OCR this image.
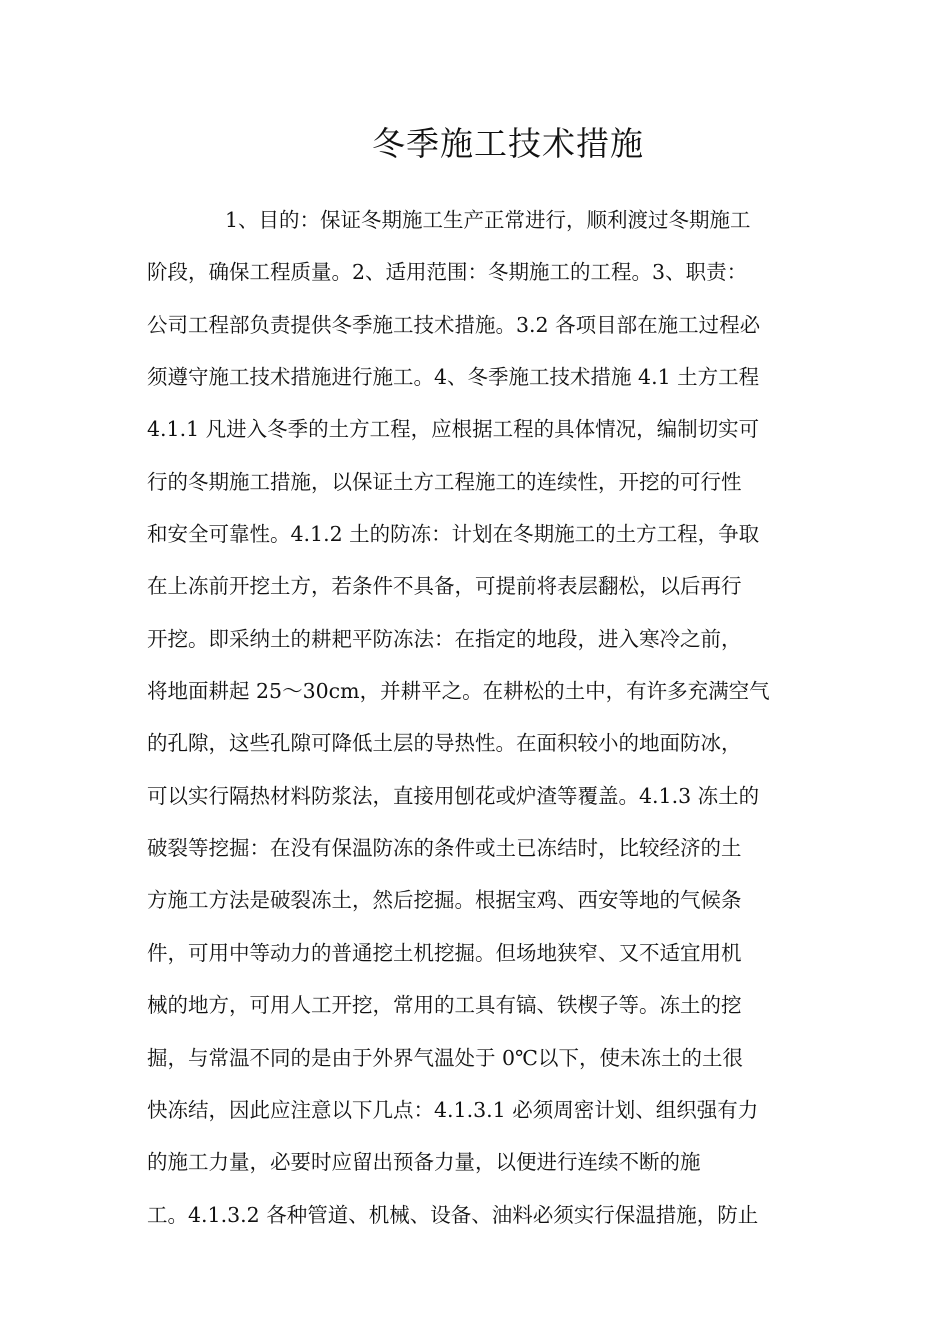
冬季施工技术措施

1、目的：保证冬期施工生产正常进行，顺利渡过冬期施工

阶段，确保工程质量。2、适用范围：冬期施工的工程。3、职责：

公司工程部负责提供冬季施工技术措施。3.2 各项目部在施工过程必

须遵守施工技术措施进行施工。4、冬季施工技术措施 4.1 土方工程

4.1.1 凡进入冬季的土方工程，应根据工程的具体情况，编制切实可

行的冬期施工措施，以保证土方工程施工的连续性，开挖的可行性

和安全可靠性。4.1.2 土的防冻：计划在冬期施工的土方工程，争取

在上冻前开挖土方，若条件不具备，可提前将表层翻松，以后再行

开挖。即采纳土的耕耙平防冻法：在指定的地段，进入寒冷之前，

将地面耕起 25～30cm，并耕平之。在耕松的土中，有许多充满空气

的孔隙，这些孔隙可降低土层的导热性。在面积较小的地面防冰，

可以实行隔热材料防浆法，直接用刨花或炉渣等覆盖。4.1.3 冻土的

破裂等挖掘：在没有保温防冻的条件或土已冻结时，比较经济的土

方施工方法是破裂冻土，然后挖掘。根据宝鸡、西安等地的气候条

件，可用中等动力的普通挖土机挖掘。但场地狭窄、又不适宜用机

械的地方，可用人工开挖，常用的工具有镐、铁楔子等。冻土的挖

掘，与常温不同的是由于外界气温处于 0℃以下，使未冻土的土很

快冻结，因此应注意以下几点：4.1.3.1 必须周密计划、组织强有力

的施工力量，必要时应留出预备力量，以便进行连续不断的施

工。4.1.3.2 各种管道、机械、设备、油料必须实行保温措施，防止
